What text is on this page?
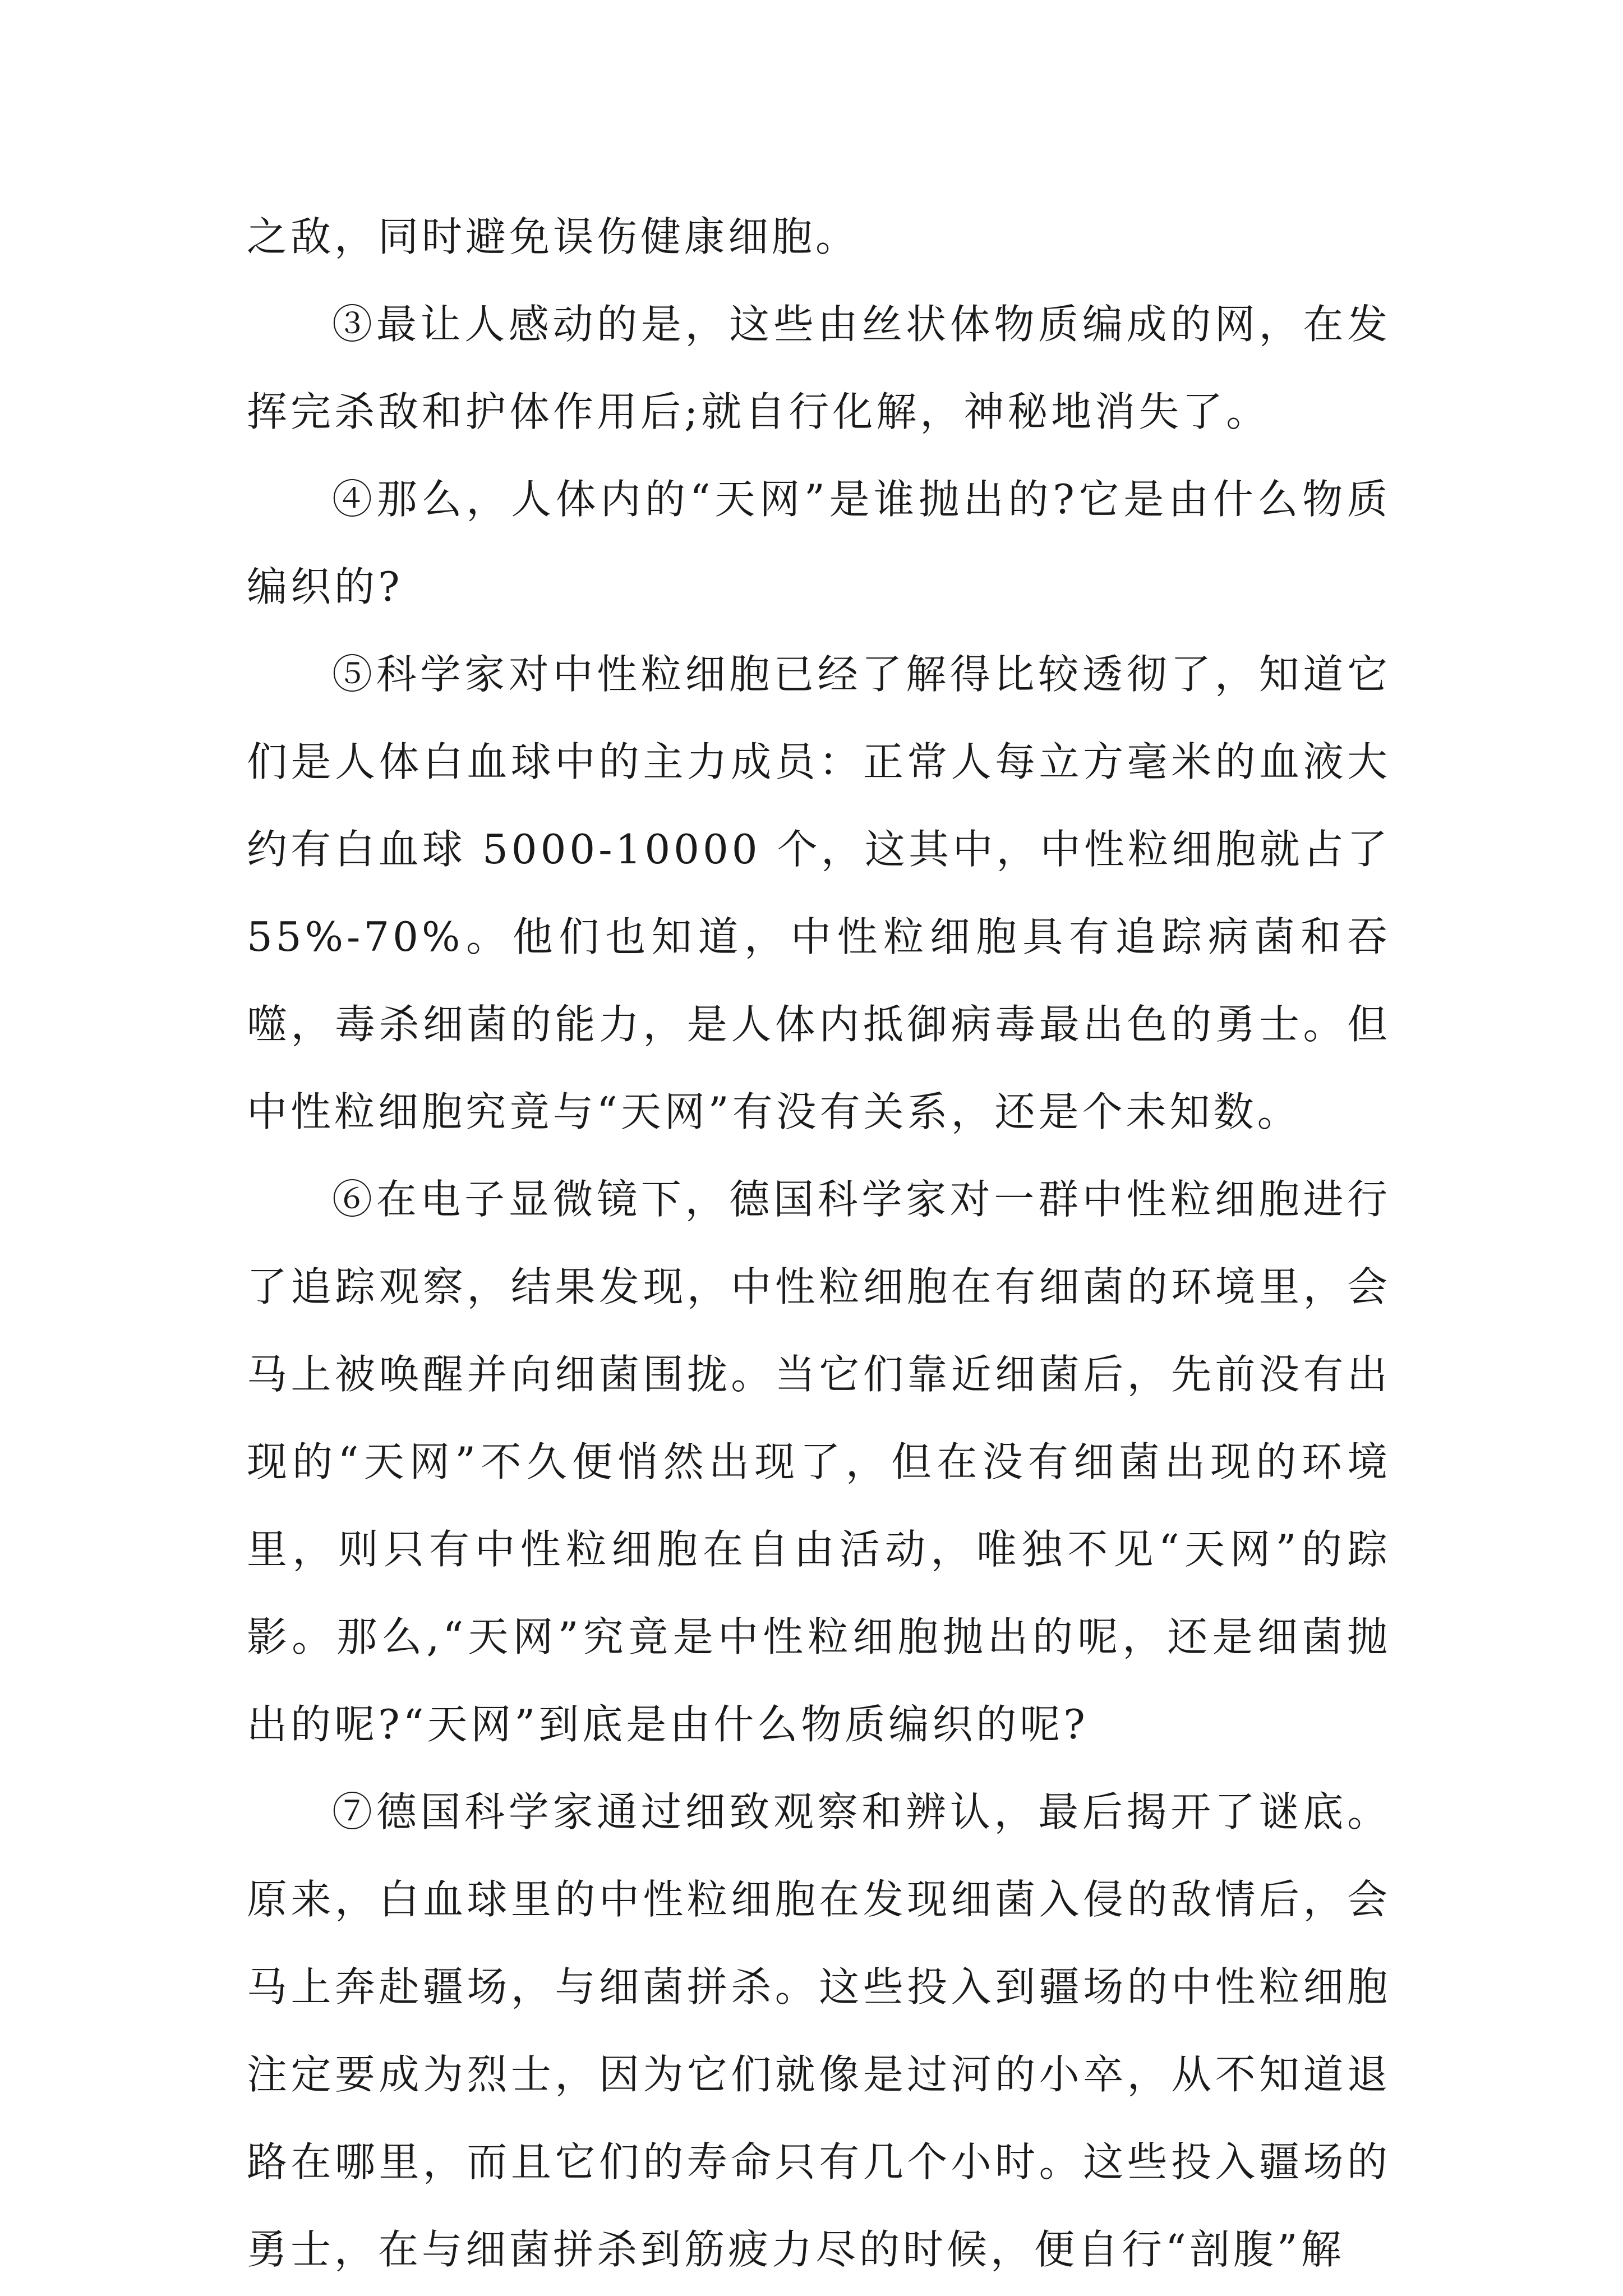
之敌，同时避免误伤健康细胞。

③最让人感动的是，这些由丝状体物质编成的网，在发挥完杀敌和护体作用后;就自行化解，神秘地消失了。

④那么，人体内的“天网”是谁抛出的?它是由什么物质编织的?

⑤科学家对中性粒细胞已经了解得比较透彻了，知道它们是人体白血球中的主力成员：正常人每立方毫米的血液大约有白血球 5000-10000 个，这其中，中性粒细胞就占了55%-70%。他们也知道，中性粒细胞具有追踪病菌和吞噬，毒杀细菌的能力，是人体内抵御病毒最出色的勇士。但中性粒细胞究竟与“天网”有没有关系，还是个未知数。

⑥在电子显微镜下，德国科学家对一群中性粒细胞进行了追踪观察，结果发现，中性粒细胞在有细菌的环境里，会马上被唤醒并向细菌围拢。当它们靠近细菌后，先前没有出现的“天网”不久便悄然出现了，但在没有细菌出现的环境里，则只有中性粒细胞在自由活动，唯独不见“天网”的踪影。那么,“天网”究竟是中性粒细胞抛出的呢，还是细菌抛出的呢?“天网”到底是由什么物质编织的呢?

⑦德国科学家通过细致观察和辨认，最后揭开了谜底。原来，白血球里的中性粒细胞在发现细菌入侵的敌情后，会马上奔赴疆场，与细菌拼杀。这些投入到疆场的中性粒细胞注定要成为烈士，因为它们就像是过河的小卒，从不知道退路在哪里，而且它们的寿命只有几个小时。这些投入疆场的勇士，在与细菌拼杀到筋疲力尽的时候，便自行“剖腹”解
